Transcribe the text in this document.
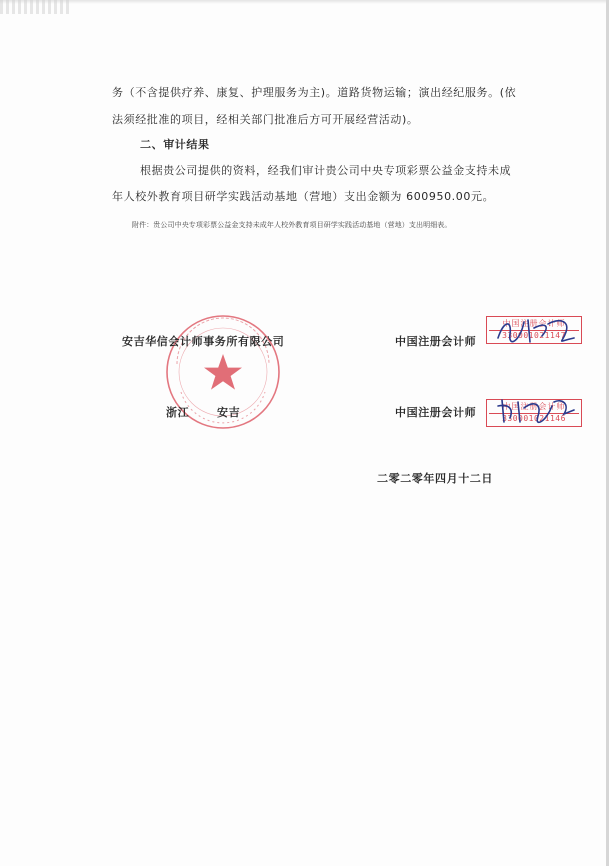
务（不含提供疗养、康复、护理服务为主)。道路货物运输；演出经纪服务。(依
法须经批准的项目，经相关部门批准后方可开展经营活动)。
二、审计结果
根据贵公司提供的资料，经我们审计贵公司中央专项彩票公益金支持未成
年人校外教育项目研学实践活动基地（营地）支出金额为 600950.00元。
附件：贵公司中央专项彩票公益金支持未成年人校外教育项目研学实践活动基地（营地）支出明细表。
安吉华信会计师事务所有限公司
浙江	安吉
中国注册会计师
中国注册会计师
330001021147
中国注册会计师	中国注册会计师
330001021146
二零二零年四月十二日
